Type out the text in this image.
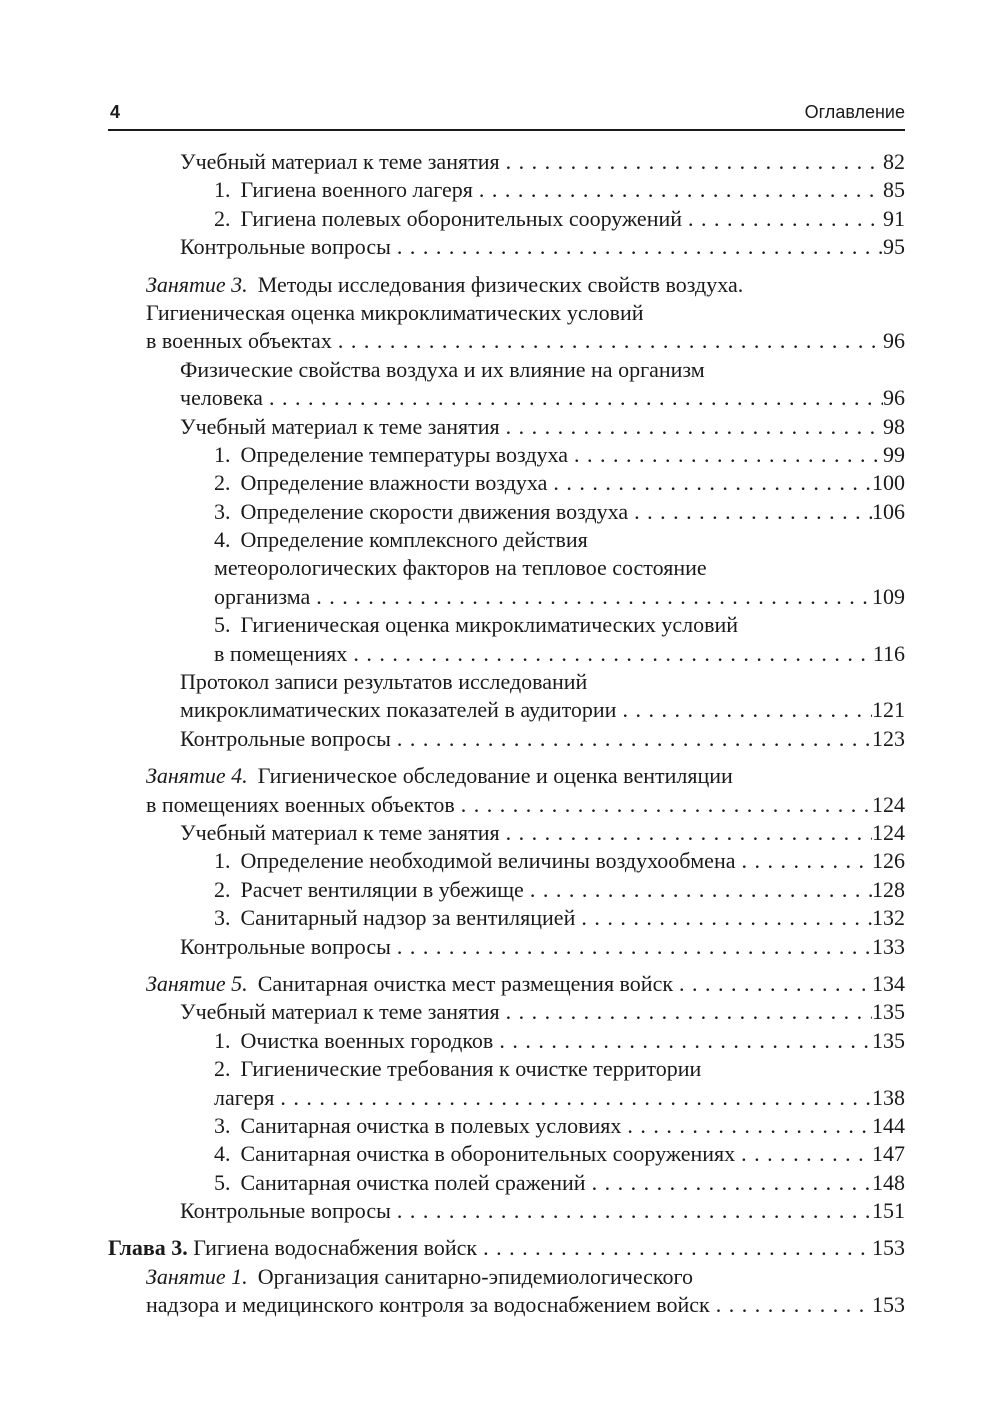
4	Оглавление
Учебный материал к теме занятия . . .	82
1. Гигиена военного лагеря . . .	85
2. Гигиена полевых оборонительных сооружений . . .	91
Контрольные вопросы . . .	95
Занятие 3. Методы исследования физических свойств воздуха.
Гигиеническая оценка микроклиматических условий
в военных объектах . . .	96
Физические свойства воздуха и их влияние на организм
человека . . .	96
Учебный материал к теме занятия . . .	98
1. Определение температуры воздуха . . .	99
2. Определение влажности воздуха . . .	100
3. Определение скорости движения воздуха . . .	106
4. Определение комплексного действия
метеорологических факторов на тепловое состояние
организма . . .	109
5. Гигиеническая оценка микроклиматических условий
в помещениях . . .	116
Протокол записи результатов исследований
микроклиматических показателей в аудитории . . .	121
Контрольные вопросы . . .	123
Занятие 4. Гигиеническое обследование и оценка вентиляции
в помещениях военных объектов . . .	124
Учебный материал к теме занятия . . .	124
1. Определение необходимой величины воздухообмена . . .	126
2. Расчет вентиляции в убежище . . .	128
3. Санитарный надзор за вентиляцией . . .	132
Контрольные вопросы . . .	133
Занятие 5. Санитарная очистка мест размещения войск . . .	134
Учебный материал к теме занятия . . .	135
1. Очистка военных городков . . .	135
2. Гигиенические требования к очистке территории
лагеря . . .	138
3. Санитарная очистка в полевых условиях . . .	144
4. Санитарная очистка в оборонительных сооружениях . . .	147
5. Санитарная очистка полей сражений . . .	148
Контрольные вопросы . . .	151
Глава 3. Гигиена водоснабжения войск . . .	153
Занятие 1. Организация санитарно-эпидемиологического
надзора и медицинского контроля за водоснабжением войск . . .	153
